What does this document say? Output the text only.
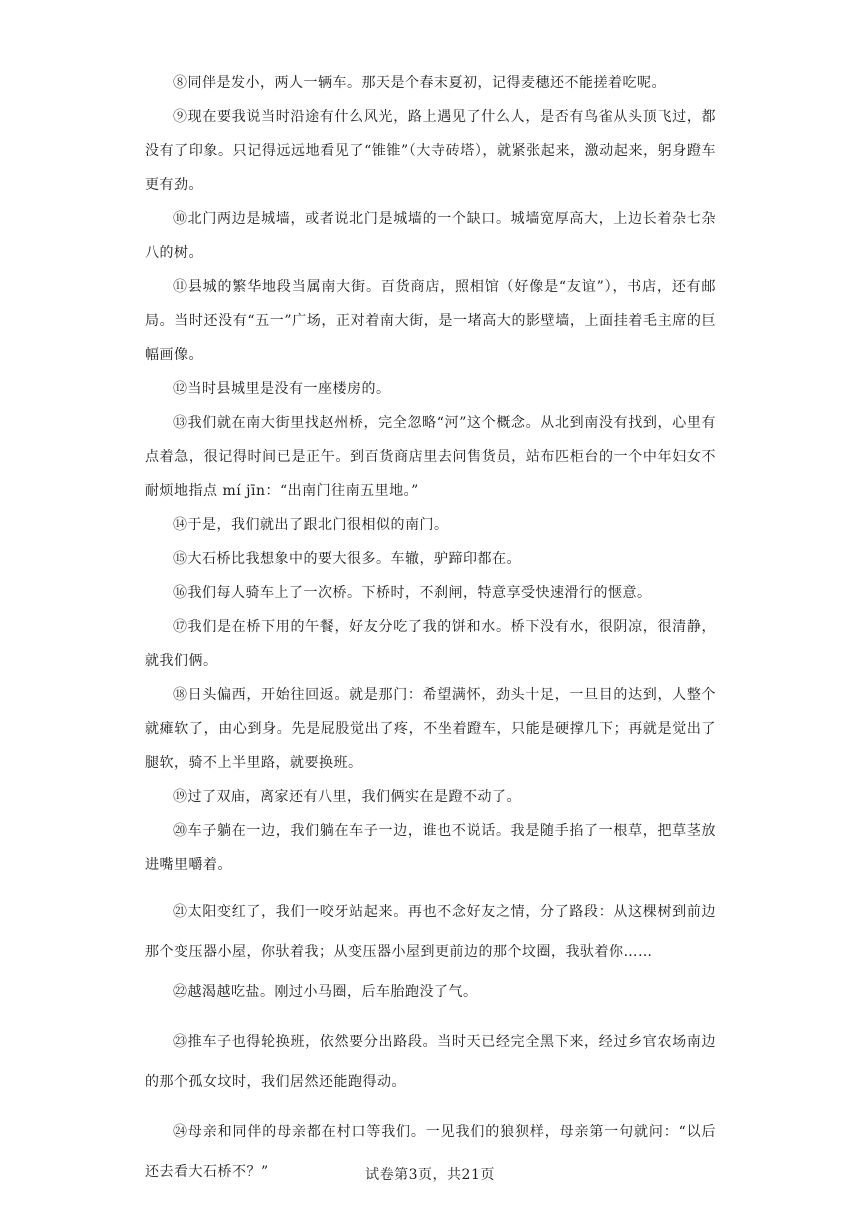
⑧同伴是发小，两人一辆车。那天是个春末夏初，记得麦穗还不能搓着吃呢。

⑨现在要我说当时沿途有什么风光，路上遇见了什么人，是否有鸟雀从头顶飞过，都没有了印象。只记得远远地看见了“锥锥”（大寺砖塔），就紧张起来，激动起来，躬身蹬车更有劲。

⑩北门两边是城墙，或者说北门是城墙的一个缺口。城墙宽厚高大，上边长着杂七杂八的树。

⑪县城的繁华地段当属南大街。百货商店，照相馆（好像是“友谊”），书店，还有邮局。当时还没有“五一”广场，正对着南大街，是一堵高大的影壁墙，上面挂着毛主席的巨幅画像。

⑫当时县城里是没有一座楼房的。

⑬我们就在南大街里找赵州桥，完全忽略“河”这个概念。从北到南没有找到，心里有点着急，很记得时间已是正午。到百货商店里去问售货员，站布匹柜台的一个中年妇女不耐烦地指点 mí jīn：“出南门往南五里地。”

⑭于是，我们就出了跟北门很相似的南门。

⑮大石桥比我想象中的要大很多。车辙，驴蹄印都在。

⑯我们每人骑车上了一次桥。下桥时，不刹闸，特意享受快速滑行的惬意。

⑰我们是在桥下用的午餐，好友分吃了我的饼和水。桥下没有水，很阴凉，很清静，就我们俩。

⑱日头偏西，开始往回返。就是那门：希望满怀，劲头十足，一旦目的达到，人整个就瘫软了，由心到身。先是屁股觉出了疼，不坐着蹬车，只能是硬撑几下；再就是觉出了腿软，骑不上半里路，就要换班。

⑲过了双庙，离家还有八里，我们俩实在是蹬不动了。

⑳车子躺在一边，我们躺在车子一边，谁也不说话。我是随手掐了一根草，把草茎放进嘴里嚼着。

㉑太阳变红了，我们一咬牙站起来。再也不念好友之情，分了路段：从这棵树到前边那个变压器小屋，你驮着我；从变压器小屋到更前边的那个坟圈，我驮着你……

㉒越渴越吃盐。刚过小马圈，后车胎跑没了气。

㉓推车子也得轮换班，依然要分出路段。当时天已经完全黑下来，经过乡官农场南边的那个孤女坟时，我们居然还能跑得动。

㉔母亲和同伴的母亲都在村口等我们。一见我们的狼狈样，母亲第一句就问：“以后还去看大石桥不？”	试卷第3页，共21页
